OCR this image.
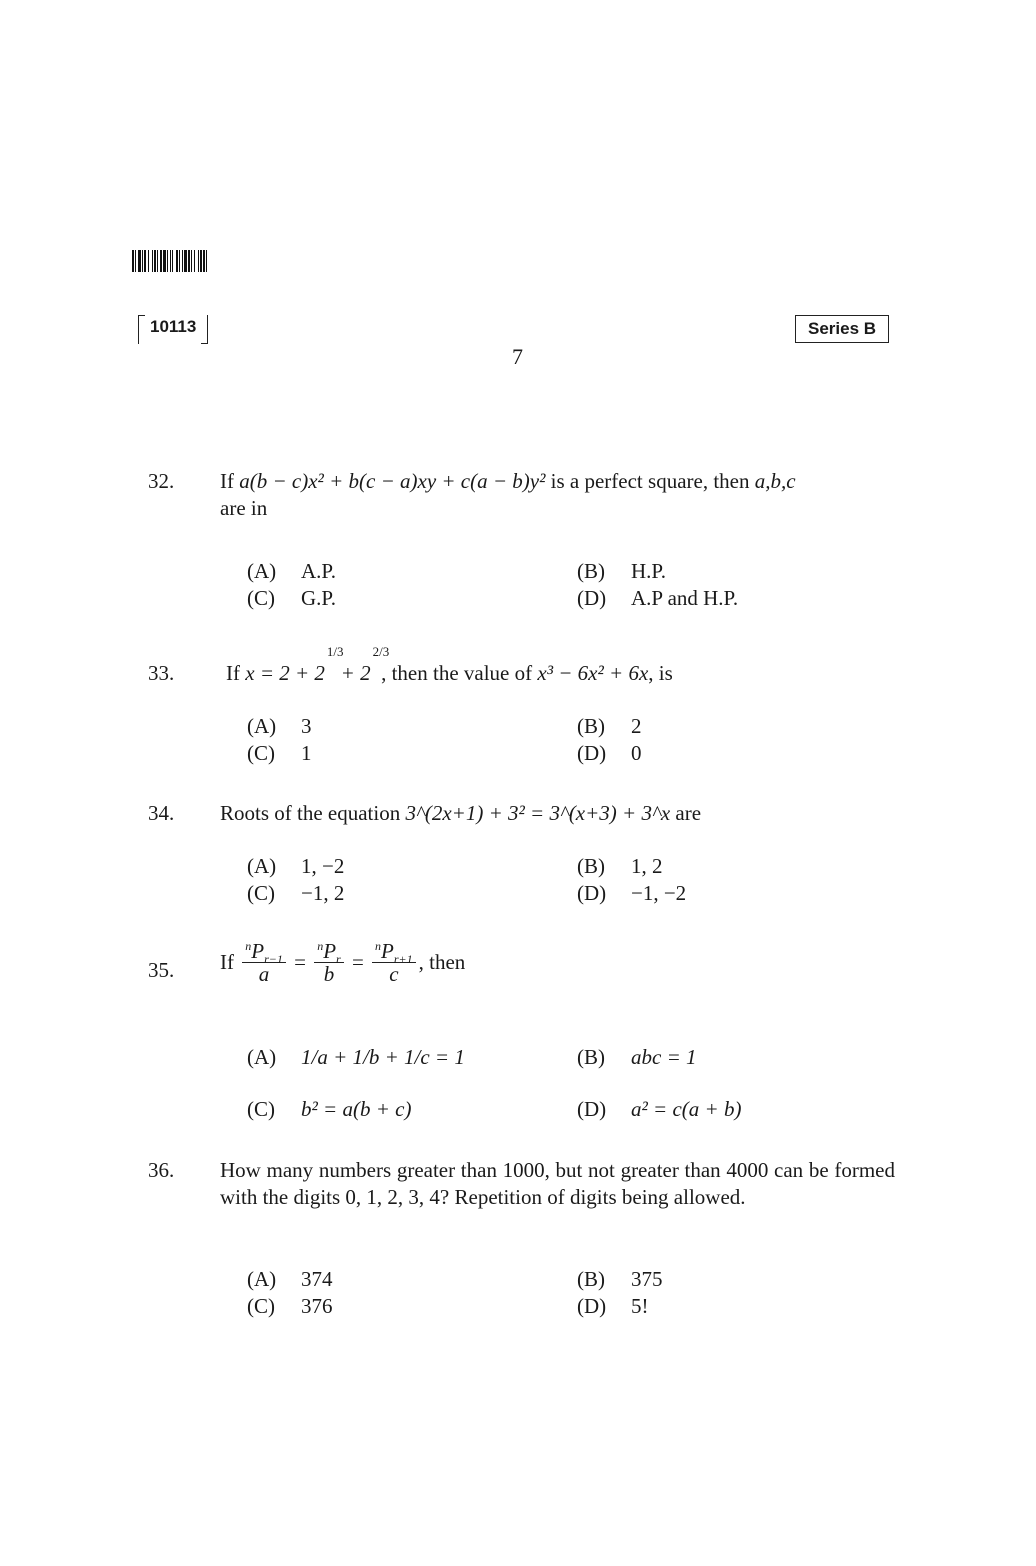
10113	Series B
7
32. If a(b − c)x² + b(c − a)xy + c(a − b)y² is a perfect square, then a,b,c
are in
(A) A.P.	(B) H.P.
(C) G.P.	(D) A.P and H.P.
33. If x = 2 + 2
1/3
+ 2
2/3
, then the value of x³ − 6x² + 6x, is
(A) 3	(B) 2
(C) 1	(D) 0
34. Roots of the equation 3^(2x+1) + 3² = 3^(x+3) + 3^x are
(A) 1, −2	(B) 1, 2
(C) −1, 2	(D) −1, −2
35. If $\frac{^nP_{r-1}}{a} = \frac{^nP_r}{b} = \frac{^nP_{r+1}}{c}$ , then
(A) 1/a + 1/b + 1/c = 1	(B) abc = 1
(C) b² = a(b + c)	(D) a² = c(a + b)
36. How many numbers greater than 1000, but not greater than 4000 can be formed with the digits 0, 1, 2, 3, 4? Repetition of digits being allowed.
(A) 374	(B) 375
(C) 376	(D) 5!
